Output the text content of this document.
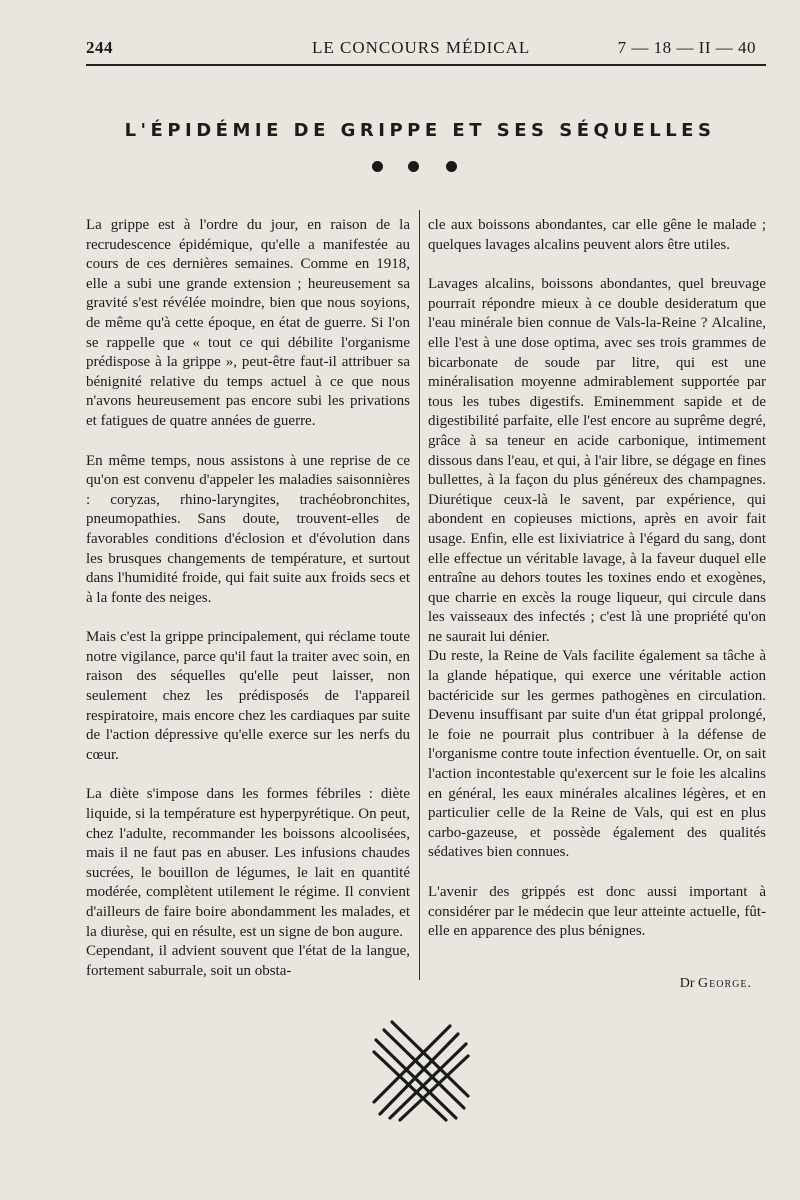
244	LE CONCOURS MÉDICAL	7 — 18 — II — 40
L'ÉPIDÉMIE DE GRIPPE ET SES SÉQUELLES

La grippe est à l'ordre du jour, en raison de la recrudescence épidémique, qu'elle a manifestée au cours de ces dernières semaines. Comme en 1918, elle a subi une grande extension ; heureusement sa gravité s'est révélée moindre, bien que nous soyions, de même qu'à cette époque, en état de guerre. Si l'on se rappelle que « tout ce qui débilite l'organisme prédispose à la grippe », peut-être faut-il attribuer sa bénignité relative du temps actuel à ce que nous n'avons heureusement pas encore subi les privations et fatigues de quatre années de guerre.

En même temps, nous assistons à une reprise de ce qu'on est convenu d'appeler les maladies saisonnières : coryzas, rhino-laryngites, trachéobronchites, pneumopathies. Sans doute, trouvent-elles de favorables conditions d'éclosion et d'évolution dans les brusques changements de température, et surtout dans l'humidité froide, qui fait suite aux froids secs et à la fonte des neiges.

Mais c'est la grippe principalement, qui réclame toute notre vigilance, parce qu'il faut la traiter avec soin, en raison des séquelles qu'elle peut laisser, non seulement chez les prédisposés de l'appareil respiratoire, mais encore chez les cardiaques par suite de l'action dépressive qu'elle exerce sur les nerfs du cœur.

La diète s'impose dans les formes fébriles : diète liquide, si la température est hyperpyrétique. On peut, chez l'adulte, recommander les boissons alcoolisées, mais il ne faut pas en abuser. Les infusions chaudes sucrées, le bouillon de légumes, le lait en quantité modérée, complètent utilement le régime. Il convient d'ailleurs de faire boire abondamment les malades, et la diurèse, qui en résulte, est un signe de bon augure.

Cependant, il advient souvent que l'état de la langue, fortement saburrale, soit un obsta-

cle aux boissons abondantes, car elle gêne le malade ; quelques lavages alcalins peuvent alors être utiles.

Lavages alcalins, boissons abondantes, quel breuvage pourrait répondre mieux à ce double desideratum que l'eau minérale bien connue de Vals-la-Reine ? Alcaline, elle l'est à une dose optima, avec ses trois grammes de bicarbonate de soude par litre, qui est une minéralisation moyenne admirablement supportée par tous les tubes digestifs. Eminemment sapide et de digestibilité parfaite, elle l'est encore au suprême degré, grâce à sa teneur en acide carbonique, intimement dissous dans l'eau, et qui, à l'air libre, se dégage en fines bullettes, à la façon du plus généreux des champagnes. Diurétique ceux-là le savent, par expérience, qui abondent en copieuses mictions, après en avoir fait usage. Enfin, elle est lixiviatrice à l'égard du sang, dont elle effectue un véritable lavage, à la faveur duquel elle entraîne au dehors toutes les toxines endo et exogènes, que charrie en excès la rouge liqueur, qui circule dans les vaisseaux des infectés ; c'est là une propriété qu'on ne saurait lui dénier.

Du reste, la Reine de Vals facilite également sa tâche à la glande hépatique, qui exerce une véritable action bactéricide sur les germes pathogènes en circulation. Devenu insuffisant par suite d'un état grippal prolongé, le foie ne pourrait plus contribuer à la défense de l'organisme contre toute infection éventuelle. Or, on sait l'action incontestable qu'exercent sur le foie les alcalins en général, les eaux minérales alcalines légères, et en particulier celle de la Reine de Vals, qui est en plus carbo-gazeuse, et possède également des qualités sédatives bien connues.

L'avenir des grippés est donc aussi important à considérer par le médecin que leur atteinte actuelle, fût-elle en apparence des plus bénignes.

Dr George.
